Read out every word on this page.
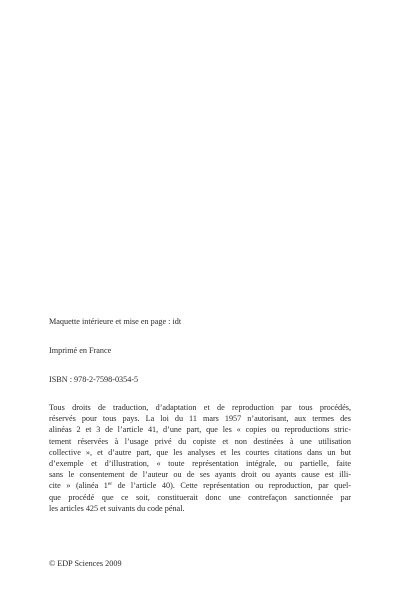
Maquette intérieure et mise en page : idt
Imprimé en France
ISBN : 978-2-7598-0354-5
Tous droits de traduction, d’adaptation et de reproduction par tous procédés,
réservés pour tous pays. La loi du 11 mars 1957 n’autorisant, aux termes des
alinéas 2 et 3 de l’article 41, d’une part, que les « copies ou reproductions stric-
tement réservées à l’usage privé du copiste et non destinées à une utilisation
collective », et d’autre part, que les analyses et les courtes citations dans un but
d’exemple et d’illustration, « toute représentation intégrale, ou partielle, faite
sans le consentement de l’auteur ou de ses ayants droit ou ayants cause est illi-
cite » (alinéa 1er de l’article 40). Cette représentation ou reproduction, par quel-
que procédé que ce soit, constituerait donc une contrefaçon sanctionnée par
les articles 425 et suivants du code pénal.
© EDP Sciences 2009
